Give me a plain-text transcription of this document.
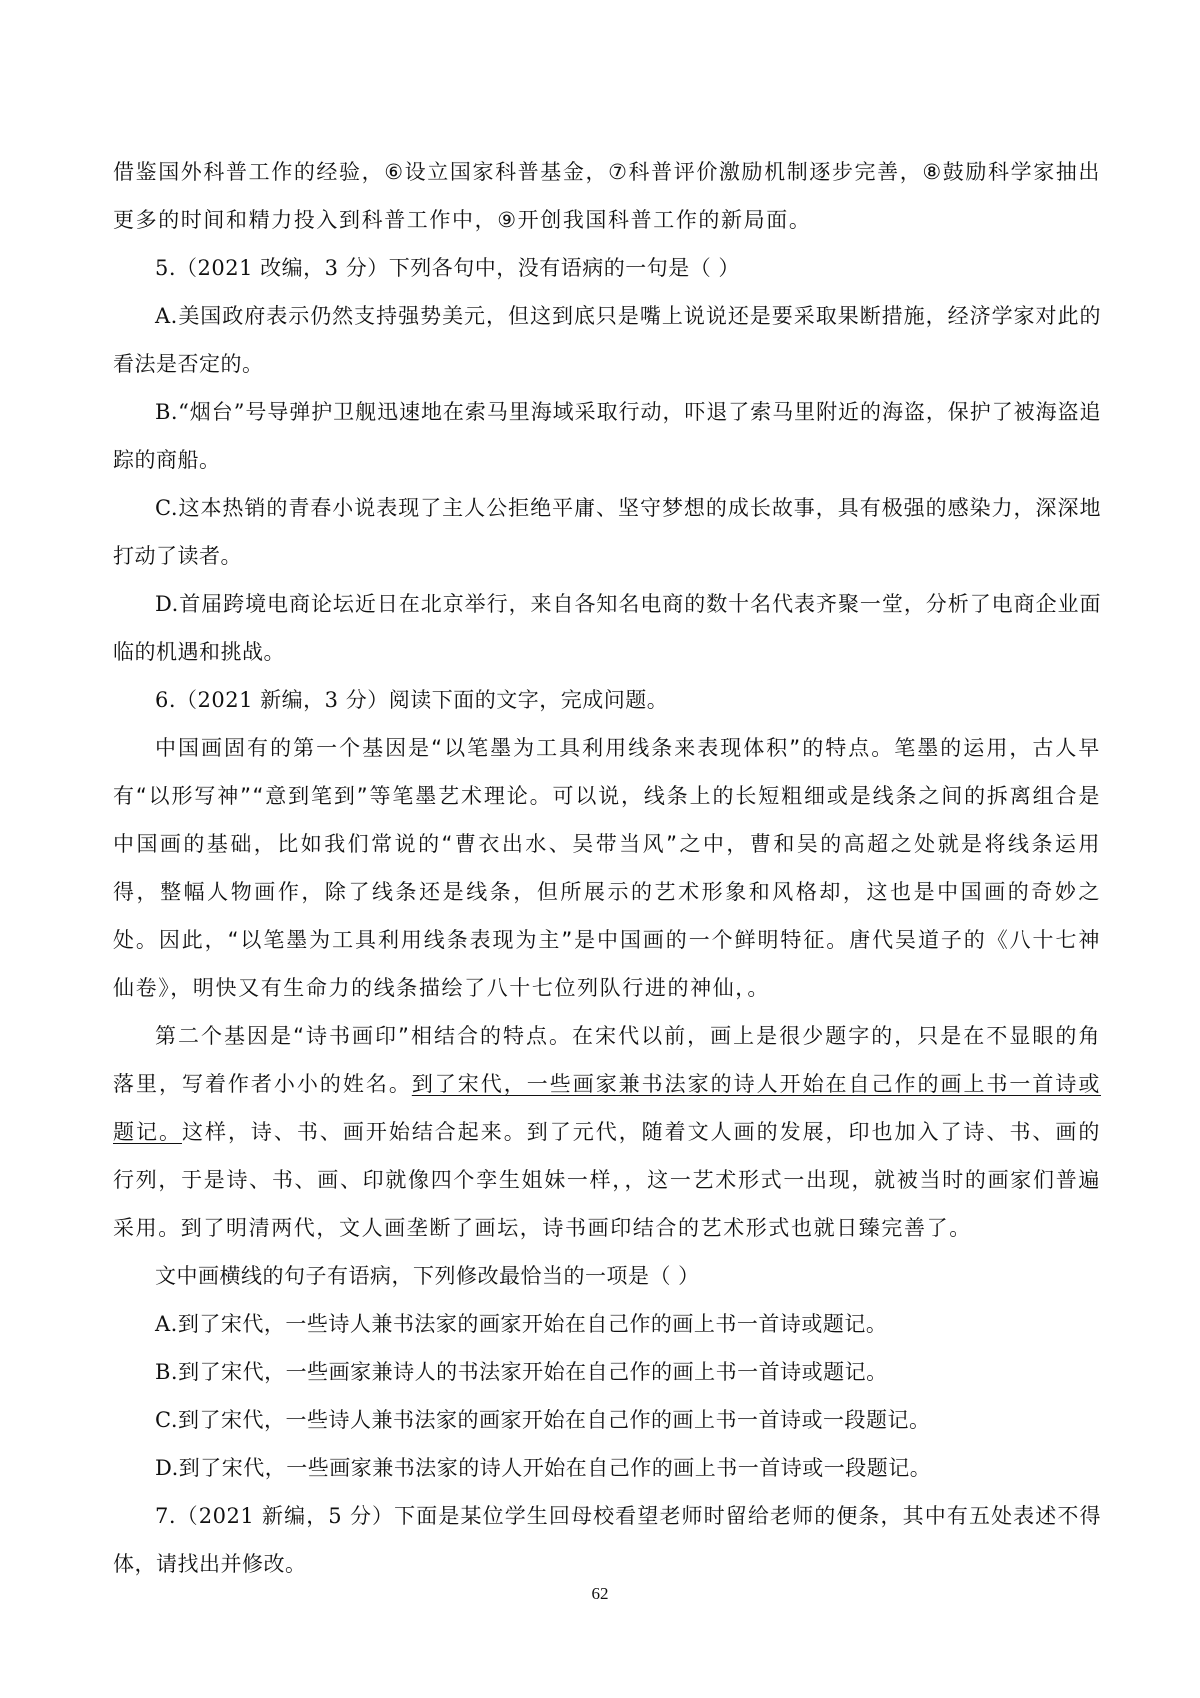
借鉴国外科普工作的经验，⑥设立国家科普基金，⑦科普评价激励机制逐步完善，⑧鼓励科学家抽出更多的时间和精力投入到科普工作中，⑨开创我国科普工作的新局面。

5.（2021 改编，3 分）下列各句中，没有语病的一句是（ ）

A.美国政府表示仍然支持强势美元，但这到底只是嘴上说说还是要采取果断措施，经济学家对此的看法是否定的。

B.“烟台”号导弹护卫舰迅速地在索马里海域采取行动，吓退了索马里附近的海盗，保护了被海盗追踪的商船。

C.这本热销的青春小说表现了主人公拒绝平庸、坚守梦想的成长故事，具有极强的感染力，深深地打动了读者。

D.首届跨境电商论坛近日在北京举行，来自各知名电商的数十名代表齐聚一堂，分析了电商企业面临的机遇和挑战。

6.（2021 新编，3 分）阅读下面的文字，完成问题。

中国画固有的第一个基因是“以笔墨为工具利用线条来表现体积”的特点。笔墨的运用，古人早有“以形写神”“意到笔到”等笔墨艺术理论。可以说，线条上的长短粗细或是线条之间的拆离组合是中国画的基础，比如我们常说的“曹衣出水、吴带当风”之中，曹和吴的高超之处就是将线条运用得，整幅人物画作，除了线条还是线条，但所展示的艺术形象和风格却，这也是中国画的奇妙之处。因此，“以笔墨为工具利用线条表现为主”是中国画的一个鲜明特征。唐代吴道子的《八十七神仙卷》，明快又有生命力的线条描绘了八十七位列队行进的神仙，。

第二个基因是“诗书画印”相结合的特点。在宋代以前，画上是很少题字的，只是在不显眼的角落里，写着作者小小的姓名。到了宋代，一些画家兼书法家的诗人开始在自己作的画上书一首诗或题记。这样，诗、书、画开始结合起来。到了元代，随着文人画的发展，印也加入了诗、书、画的行列，于是诗、书、画、印就像四个孪生姐妹一样，，这一艺术形式一出现，就被当时的画家们普遍采用。到了明清两代，文人画垄断了画坛，诗书画印结合的艺术形式也就日臻完善了。

文中画横线的句子有语病，下列修改最恰当的一项是（ ）

A.到了宋代，一些诗人兼书法家的画家开始在自己作的画上书一首诗或题记。

B.到了宋代，一些画家兼诗人的书法家开始在自己作的画上书一首诗或题记。

C.到了宋代，一些诗人兼书法家的画家开始在自己作的画上书一首诗或一段题记。

D.到了宋代，一些画家兼书法家的诗人开始在自己作的画上书一首诗或一段题记。

7.（2021 新编，5 分）下面是某位学生回母校看望老师时留给老师的便条，其中有五处表述不得体，请找出并修改。

62
